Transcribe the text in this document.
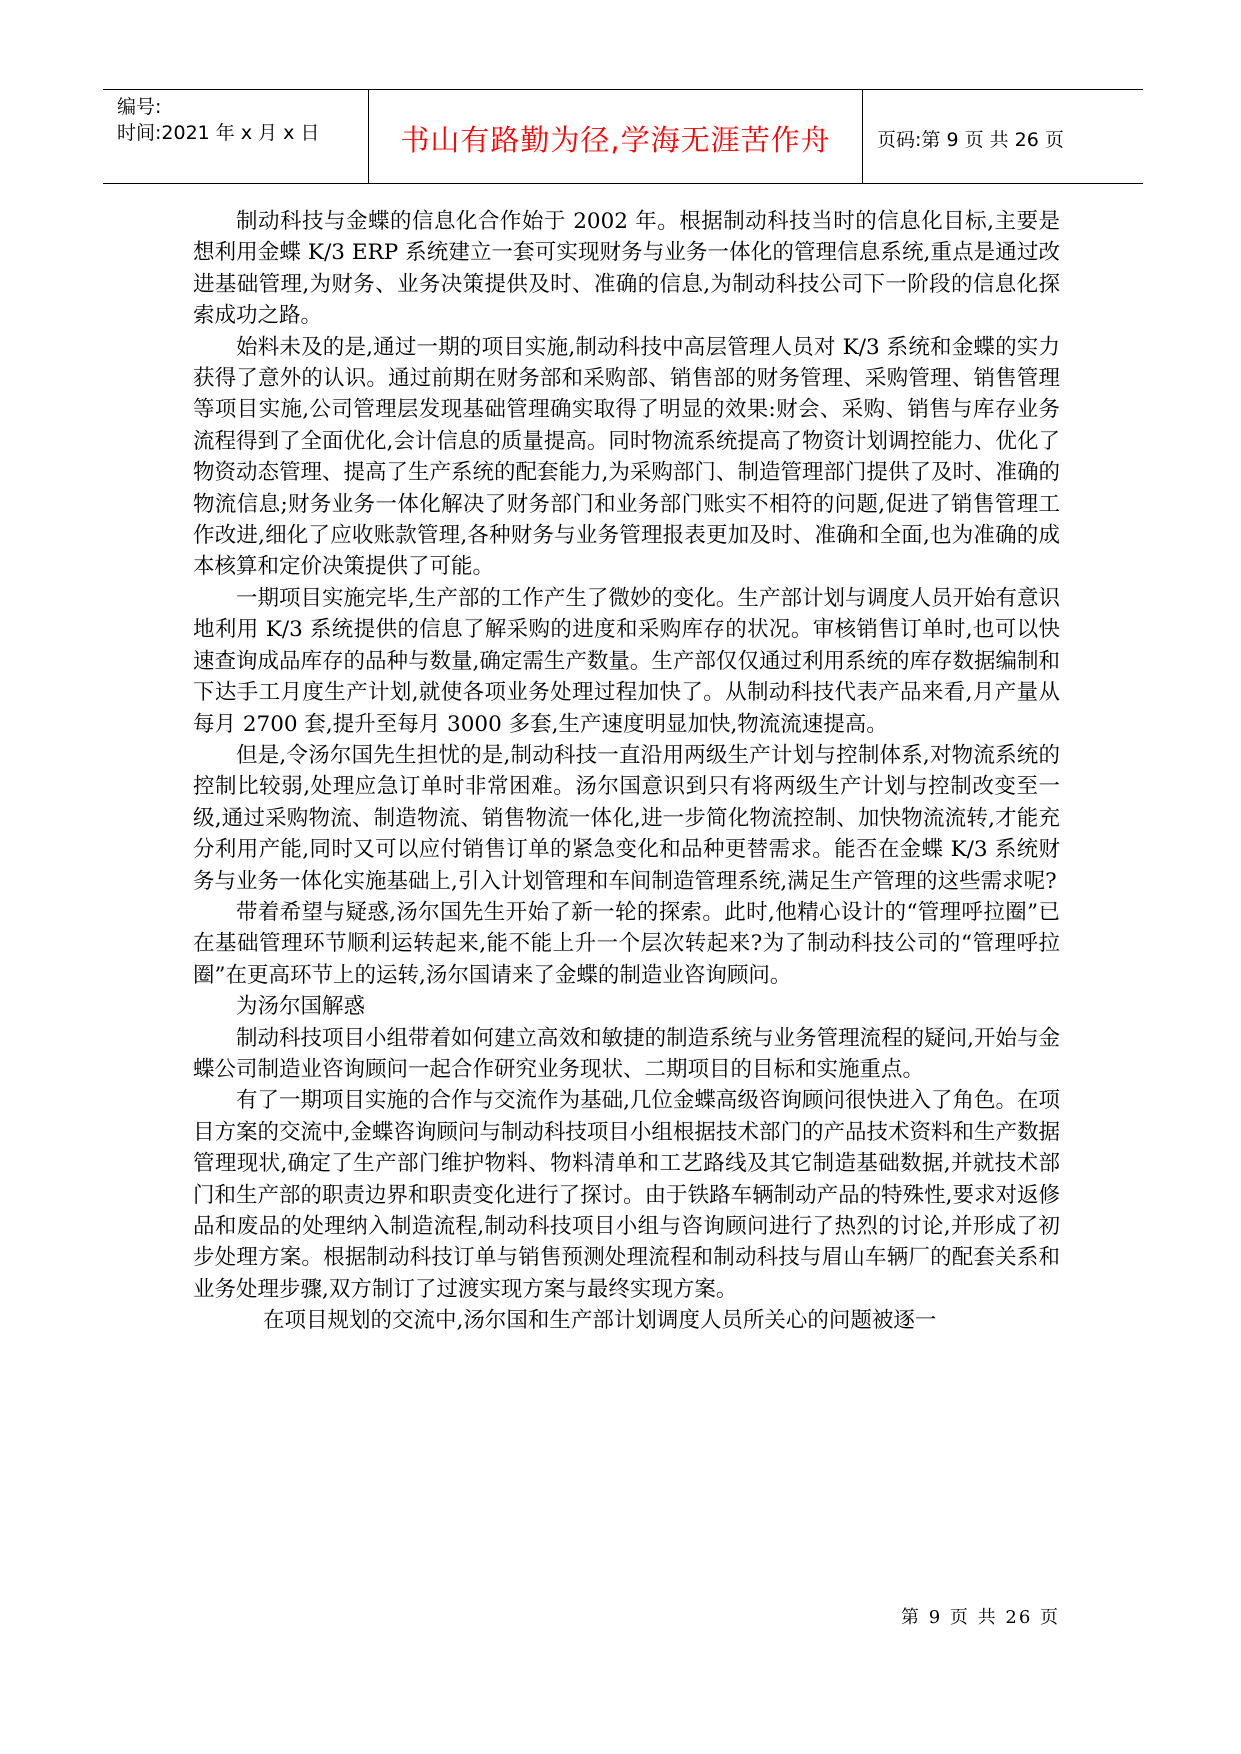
编号:
时间:2021 年 x 月 x 日	书山有路勤为径,学海无涯苦作舟	页码:第 9 页 共 26 页

制动科技与金蝶的信息化合作始于 2002 年。根据制动科技当时的信息化目标,主要是想利用金蝶 K/3 ERP 系统建立一套可实现财务与业务一体化的管理信息系统,重点是通过改进基础管理,为财务、业务决策提供及时、准确的信息,为制动科技公司下一阶段的信息化探索成功之路。

始料未及的是,通过一期的项目实施,制动科技中高层管理人员对 K/3 系统和金蝶的实力获得了意外的认识。通过前期在财务部和采购部、销售部的财务管理、采购管理、销售管理等项目实施,公司管理层发现基础管理确实取得了明显的效果:财会、采购、销售与库存业务流程得到了全面优化,会计信息的质量提高。同时物流系统提高了物资计划调控能力、优化了物资动态管理、提高了生产系统的配套能力,为采购部门、制造管理部门提供了及时、准确的物流信息;财务业务一体化解决了财务部门和业务部门账实不相符的问题,促进了销售管理工作改进,细化了应收账款管理,各种财务与业务管理报表更加及时、准确和全面,也为准确的成本核算和定价决策提供了可能。

一期项目实施完毕,生产部的工作产生了微妙的变化。生产部计划与调度人员开始有意识地利用 K/3 系统提供的信息了解采购的进度和采购库存的状况。审核销售订单时,也可以快速查询成品库存的品种与数量,确定需生产数量。生产部仅仅通过利用系统的库存数据编制和下达手工月度生产计划,就使各项业务处理过程加快了。从制动科技代表产品来看,月产量从每月 2700 套,提升至每月 3000 多套,生产速度明显加快,物流流速提高。

但是,令汤尔国先生担忧的是,制动科技一直沿用两级生产计划与控制体系,对物流系统的控制比较弱,处理应急订单时非常困难。汤尔国意识到只有将两级生产计划与控制改变至一级,通过采购物流、制造物流、销售物流一体化,进一步简化物流控制、加快物流流转,才能充分利用产能,同时又可以应付销售订单的紧急变化和品种更替需求。能否在金蝶 K/3 系统财务与业务一体化实施基础上,引入计划管理和车间制造管理系统,满足生产管理的这些需求呢?

带着希望与疑惑,汤尔国先生开始了新一轮的探索。此时,他精心设计的“管理呼拉圈”已在基础管理环节顺利运转起来,能不能上升一个层次转起来?为了制动科技公司的“管理呼拉圈”在更高环节上的运转,汤尔国请来了金蝶的制造业咨询顾问。

为汤尔国解惑

制动科技项目小组带着如何建立高效和敏捷的制造系统与业务管理流程的疑问,开始与金蝶公司制造业咨询顾问一起合作研究业务现状、二期项目的目标和实施重点。

有了一期项目实施的合作与交流作为基础,几位金蝶高级咨询顾问很快进入了角色。在项目方案的交流中,金蝶咨询顾问与制动科技项目小组根据技术部门的产品技术资料和生产数据管理现状,确定了生产部门维护物料、物料清单和工艺路线及其它制造基础数据,并就技术部门和生产部的职责边界和职责变化进行了探讨。由于铁路车辆制动产品的特殊性,要求对返修品和废品的处理纳入制造流程,制动科技项目小组与咨询顾问进行了热烈的讨论,并形成了初步处理方案。根据制动科技订单与销售预测处理流程和制动科技与眉山车辆厂的配套关系和业务处理步骤,双方制订了过渡实现方案与最终实现方案。

在项目规划的交流中,汤尔国和生产部计划调度人员所关心的问题被逐一

第 9 页 共 26 页
